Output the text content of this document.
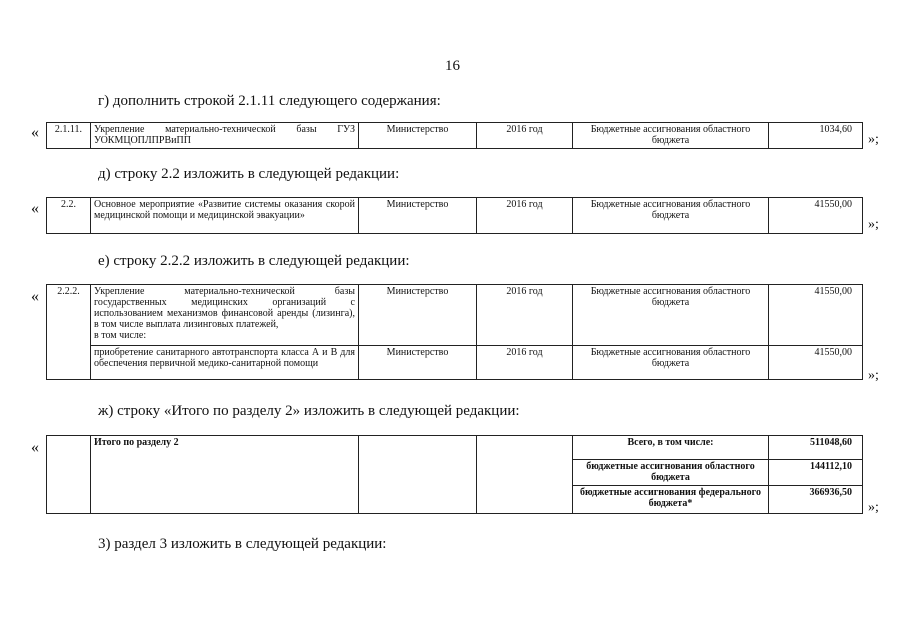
16
г) дополнить строкой 2.1.11 следующего содержания:
« 2.1.11.	Укрепление материально-технической базы ГУЗ УОКМЦОПЛПРВиПП	Министерство	2016 год	Бюджетные ассигнования областного бюджета	1034,60
»;
д) строку 2.2 изложить в следующей редакции:
« 2.2.	Основное мероприятие «Развитие системы оказания скорой медицинской помощи и медицинской эвакуации»	Министерство	2016 год	Бюджетные ассигнования областного бюджета	41550,00
»;
е) строку 2.2.2 изложить в следующей редакции:
« 2.2.2.	Укрепление материально-технической базы государственных медицинских организаций с использованием механизмов финансовой аренды (лизинга), в том числе выплата лизинговых платежей,
в том числе:	Министерство	2016 год	Бюджетные ассигнования областного бюджета	41550,00
	приобретение санитарного автотранспорта класса А и В для обеспечения первичной медико-санитарной помощи	Министерство	2016 год	Бюджетные ассигнования областного бюджета	41550,00
»;
ж) строку «Итого по разделу 2» изложить в следующей редакции:
«
		Итого по разделу 2			Всего, в том числе:	511048,60
				бюджетные ассигнования областного бюджета	144112,10
				бюджетные ассигнования федерального бюджета*	366936,50
»;
3) раздел 3 изложить в следующей редакции:
